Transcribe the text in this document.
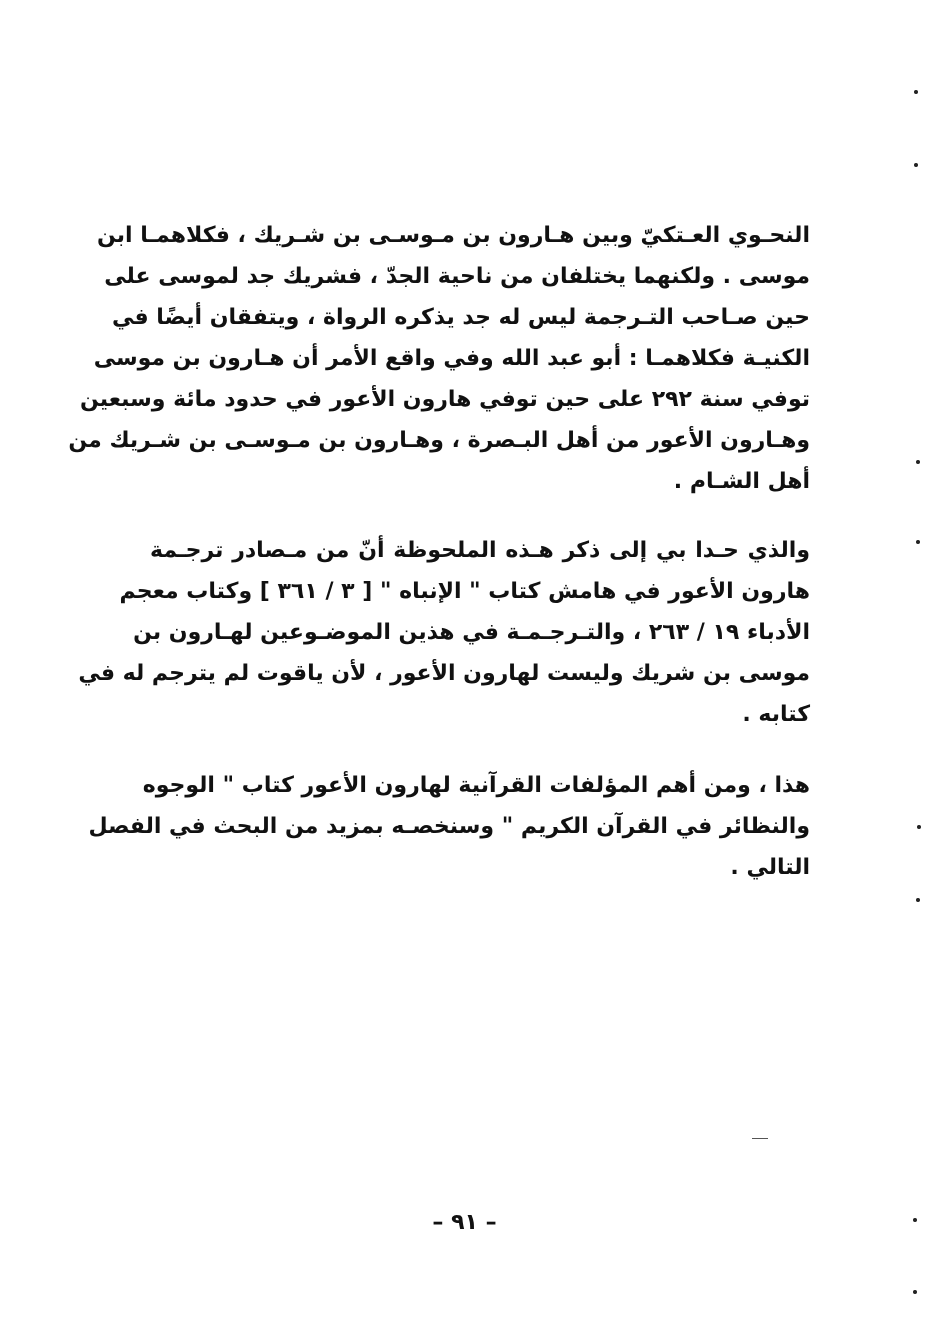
النحـوي العـتكيّ وبين هـارون بن مـوسـى بن شـريك ، فكلاهمـا ابن
موسى . ولكنهما يختلفان من ناحية الجدّ ، فشريك جد لموسى على
حين صـاحب التـرجمة ليس له جد يذكره الرواة ، ويتفقان أيضًا في
الكنيـة فكلاهمـا : أبو عبد الله وفي واقع الأمر أن هـارون بن موسى
توفي سنة ٢٩٢ على حين توفي هارون الأعور في حدود مائة وسبعين
وهـارون الأعور من أهل البـصرة ، وهـارون بن مـوسـى بن شـريك من
أهل الشـام .
والذي حـدا بي إلى ذكر هـذه الملحوظة أنّ من مـصادر ترجـمة
هارون الأعور في هامش كتاب " الإنباه " [ ٣ / ٣٦١ ] وكتاب معجم
الأدباء ١٩ / ٢٦٣ ، والتـرجـمـة في هذين الموضـوعين لهـارون بن
موسى بن شريك وليست لهارون الأعور ، لأن ياقوت لم يترجم له في
كتابه .
هذا ، ومن أهم المؤلفات القرآنية لهارون الأعور كتاب " الوجوه
والنظائر في القرآن الكريم " وسنخصـه بمزيد من البحث في الفصل
التالي .
– ٩١ –
